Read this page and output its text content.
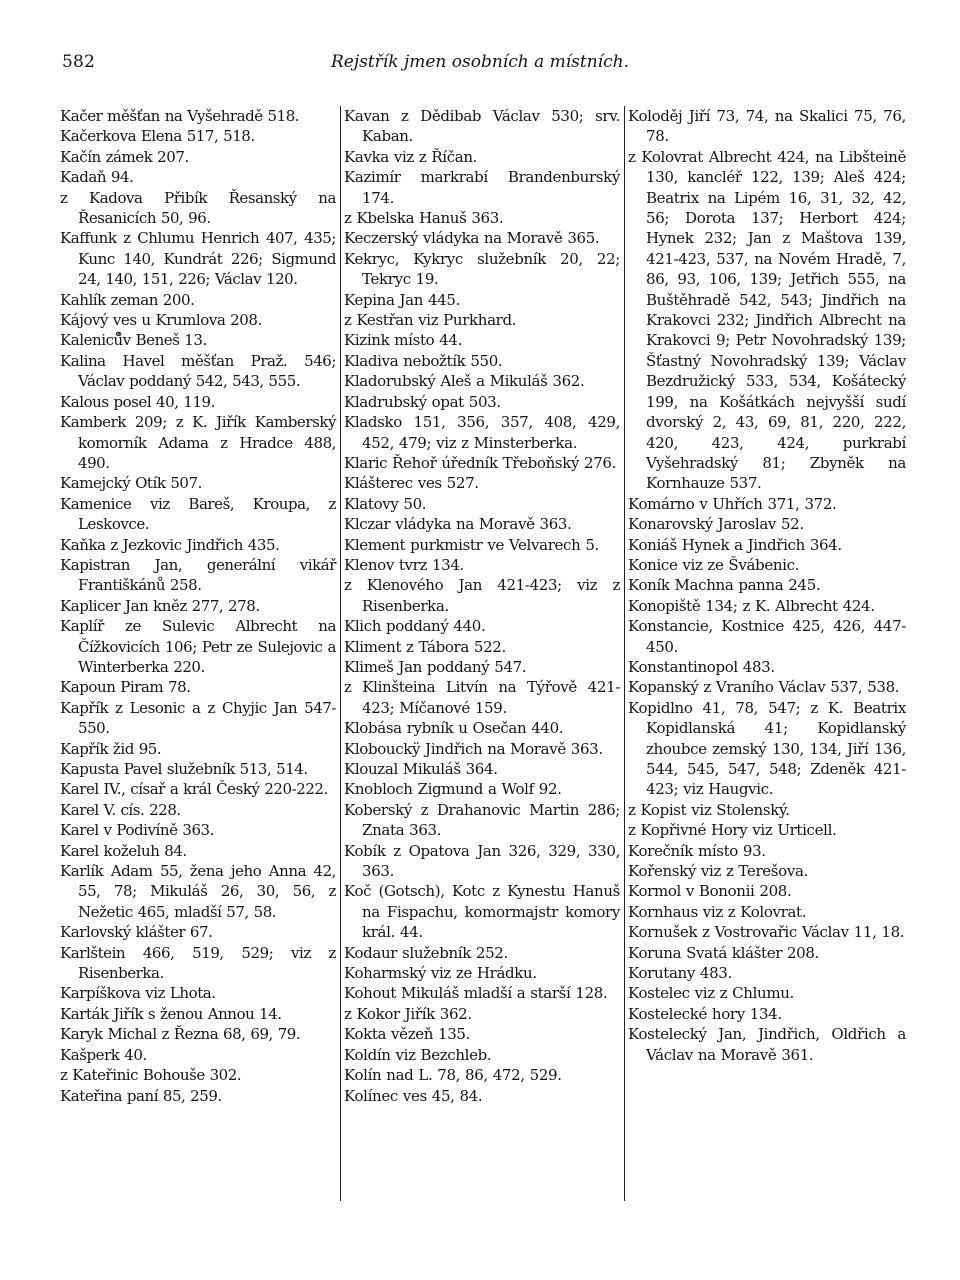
582	Rejstřík jmen osobních a místních.

Kačer měšťan na Vyšehradě 518.

Kačerkova Elena 517, 518.

Kačín zámek 207.

Kadaň 94.

z Kadova Přibík Řesanský na Řesanicích 50, 96.

Kaffunk z Chlumu Henrich 407, 435; Kunc 140, Kundrát 226; Sigmund 24, 140, 151, 226; Václav 120.

Kahlík zeman 200.

Kájový ves u Krumlova 208.

Kaleniců̊v Beneš 13.

Kalina Havel měšťan Praž. 546; Václav poddaný 542, 543, 555.

Kalous posel 40, 119.

Kamberk 209; z K. Jiřík Kamberský komorník Adama z Hradce 488, 490.

Kamejcký Otík 507.

Kamenice viz Bareš, Kroupa, z Leskovce.

Kaňka z Jezkovic Jindřich 435.

Kapistran Jan, generální vikář Františkánů 258.

Kaplicer Jan kněz 277, 278.

Kaplíř ze Sulevic Albrecht na Čížkovicích 106; Petr ze Sulejovic a Winterberka 220.

Kapoun Piram 78.

Kapřík z Lesonic a z Chyjic Jan 547-550.

Kapřík žid 95.

Kapusta Pavel služebník 513, 514.

Karel IV., císař a král Český 220-222.

Karel V. cís. 228.

Karel v Podivíně 363.

Karel koželuh 84.

Karlík Adam 55, žena jeho Anna 42, 55, 78; Mikuláš 26, 30, 56, z Nežetic 465, mladší 57, 58.

Karlovský klášter 67.

Karlštein 466, 519, 529; viz z Risenberka.

Karpíškova viz Lhota.

Karták Jiřík s ženou Annou 14.

Karyk Michal z Řezna 68, 69, 79.

Kašperk 40.

z Kateřinic Bohouše 302.

Kateřina paní 85, 259.

Kavan z Dědibab Václav 530; srv. Kaban.

Kavka viz z Říčan.

Kazimír markrabí Brandenburský 174.

z Kbelska Hanuš 363.

Keczerský vládyka na Moravě 365.

Kekryc, Kykryc služebník 20, 22; Tekryc 19.

Kepina Jan 445.

z Kestřan viz Purkhard.

Kizink místo 44.

Kladiva nebožtík 550.

Kladorubský Aleš a Mikuláš 362.

Kladrubský opat 503.

Kladsko 151, 356, 357, 408, 429, 452, 479; viz z Minsterberka.

Klaric Řehoř úředník Třeboňský 276.

Klášterec ves 527.

Klatovy 50.

Klczar vládyka na Moravě 363.

Klement purkmistr ve Velvarech 5.

Klenov tvrz 134.

z Klenového Jan 421-423; viz z Risenberka.

Klich poddaný 440.

Kliment z Tábora 522.

Klimeš Jan poddaný 547.

z Klinšteina Litvín na Týřově 421-423; Míčanové 159.

Klobása rybník u Osečan 440.

Klobouckÿ Jindřich na Moravě 363.

Klouzal Mikuláš 364.

Knobloch Zigmund a Wolf 92.

Koberský z Drahanovic Martin 286; Znata 363.

Kobík z Opatova Jan 326, 329, 330, 363.

Koč (Gotsch), Kotc z Kynestu Hanuš na Fispachu, komormajstr komory král. 44.

Kodaur služebník 252.

Koharmský viz ze Hrádku.

Kohout Mikuláš mladší a starší 128.

z Kokor Jiřík 362.

Kokta vězeň 135.

Koldín viz Bezchleb.

Kolín nad L. 78, 86, 472, 529.

Kolínec ves 45, 84.

Koloděj Jiří 73, 74, na Skalici 75, 76, 78.

z Kolovrat Albrecht 424, na Libšteině 130, kancléř 122, 139; Aleš 424; Beatrix na Lipém 16, 31, 32, 42, 56; Dorota 137; Herbort 424; Hynek 232; Jan z Maštova 139, 421-423, 537, na Novém Hradě, 7, 86, 93, 106, 139; Jetřich 555, na Buštěhradě 542, 543; Jindřich na Krakovci 232; Jindřich Albrecht na Krakovci 9; Petr Novohradský 139; Šťastný Novohradský 139; Václav Bezdružický 533, 534, Košátecký 199, na Košátkách nejvyšší sudí dvorský 2, 43, 69, 81, 220, 222, 420, 423, 424, purkrabí Vyšehradský 81; Zbyněk na Kornhauze 537.

Komárno v Uhřích 371, 372.

Konarovský Jaroslav 52.

Koniáš Hynek a Jindřich 364.

Konice viz ze Švábenic.

Koník Machna panna 245.

Konopiště 134; z K. Albrecht 424.

Konstancie, Kostnice 425, 426, 447-450.

Konstantinopol 483.

Kopanský z Vraního Václav 537, 538.

Kopidlno 41, 78, 547; z K. Beatrix Kopidlanská 41; Kopidlanský zhoubce zemský 130, 134, Jiří 136, 544, 545, 547, 548; Zdeněk 421-423; viz Haugvic.

z Kopist viz Stolenský.

z Kopřivné Hory viz Urticell.

Korečník místo 93.

Kořenský viz z Terešova.

Kormol v Bononii 208.

Kornhaus viz z Kolovrat.

Kornušek z Vostrovařic Václav 11, 18.

Koruna Svatá klášter 208.

Korutany 483.

Kostelec viz z Chlumu.

Kostelecké hory 134.

Kostelecký Jan, Jindřich, Oldřich a Václav na Moravě 361.
